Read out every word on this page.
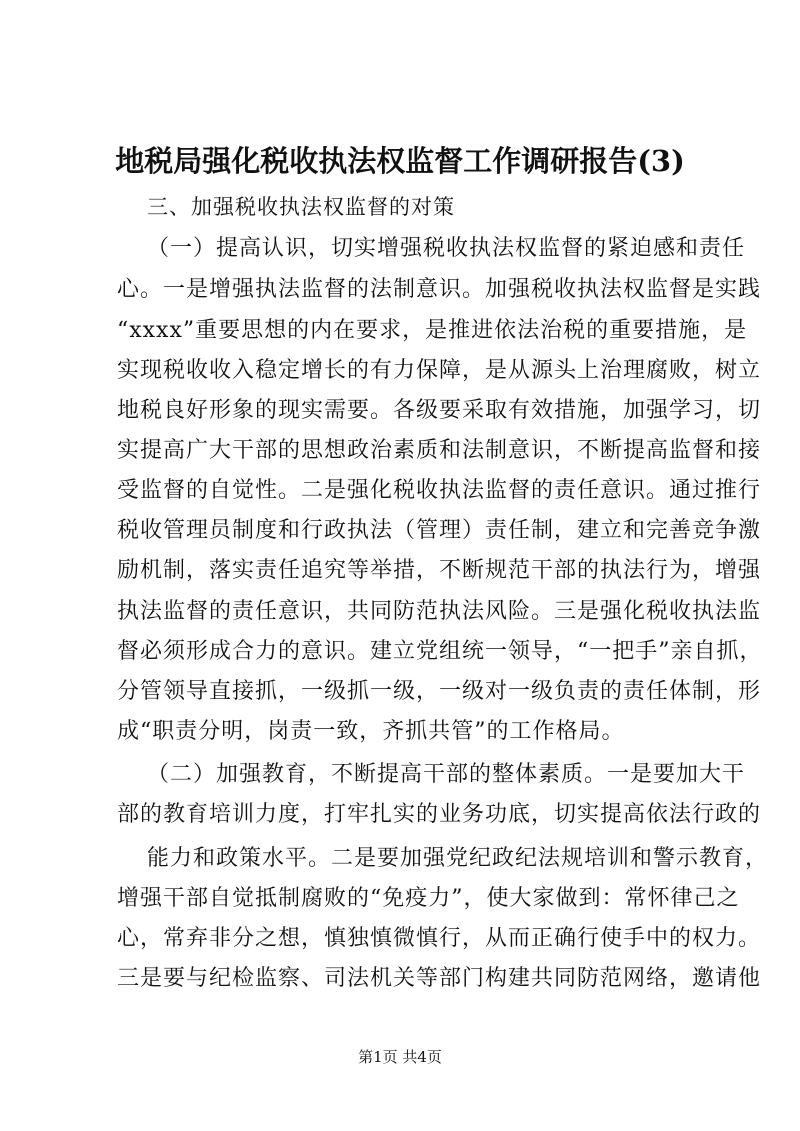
地税局强化税收执法权监督工作调研报告(3)
三、加强税收执法权监督的对策
（一）提高认识，切实增强税收执法权监督的紧迫感和责任
心。一是增强执法监督的法制意识。加强税收执法权监督是实践
“xxxx”重要思想的内在要求，是推进依法治税的重要措施，是
实现税收收入稳定增长的有力保障，是从源头上治理腐败，树立
地税良好形象的现实需要。各级要采取有效措施，加强学习，切
实提高广大干部的思想政治素质和法制意识，不断提高监督和接
受监督的自觉性。二是强化税收执法监督的责任意识。通过推行
税收管理员制度和行政执法（管理）责任制，建立和完善竞争激
励机制，落实责任追究等举措，不断规范干部的执法行为，增强
执法监督的责任意识，共同防范执法风险。三是强化税收执法监
督必须形成合力的意识。建立党组统一领导，“一把手”亲自抓，
分管领导直接抓，一级抓一级，一级对一级负责的责任体制，形
成“职责分明，岗责一致，齐抓共管”的工作格局。
（二）加强教育，不断提高干部的整体素质。一是要加大干
部的教育培训力度，打牢扎实的业务功底，切实提高依法行政的
能力和政策水平。二是要加强党纪政纪法规培训和警示教育，
增强干部自觉抵制腐败的“免疫力”，使大家做到：常怀律己之
心，常弃非分之想，慎独慎微慎行，从而正确行使手中的权力。
三是要与纪检监察、司法机关等部门构建共同防范网络，邀请他
第1页 共4页
